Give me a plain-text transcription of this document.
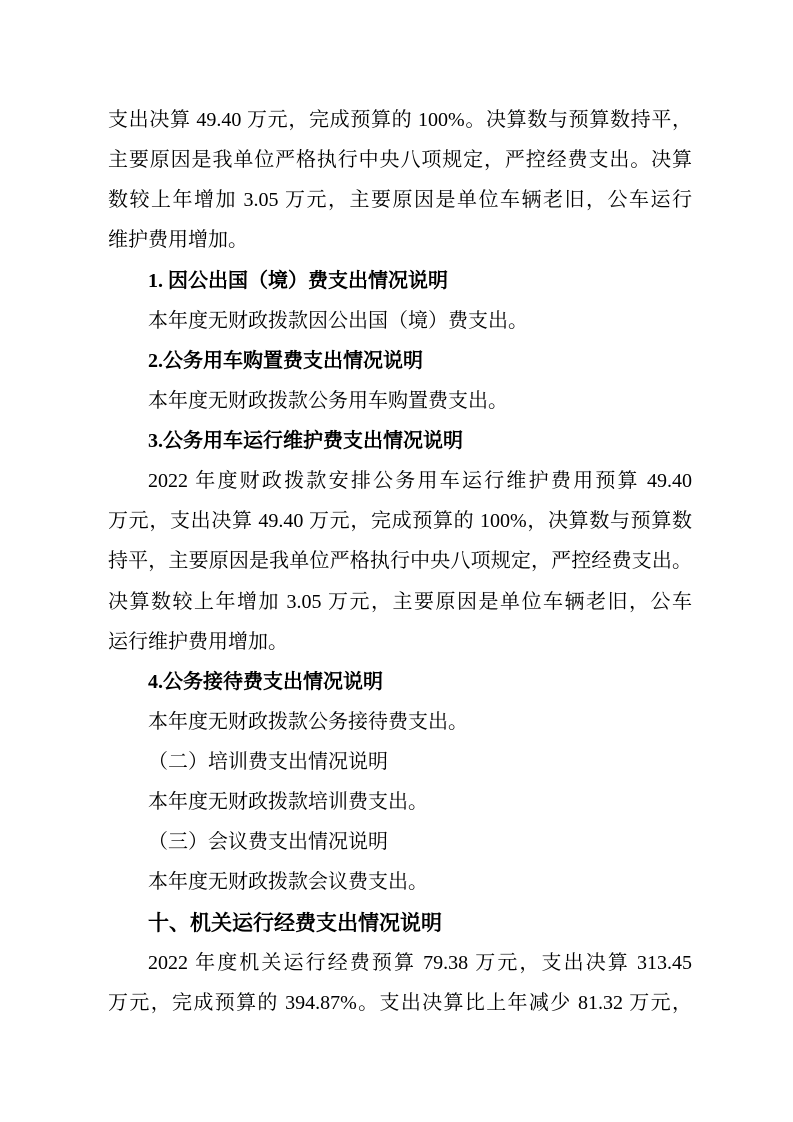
支出决算 49.40 万元，完成预算的 100%。决算数与预算数持平，
主要原因是我单位严格执行中央八项规定，严控经费支出。决算
数较上年增加 3.05 万元，主要原因是单位车辆老旧，公车运行
维护费用增加。
1. 因公出国（境）费支出情况说明
本年度无财政拨款因公出国（境）费支出。
2.公务用车购置费支出情况说明
本年度无财政拨款公务用车购置费支出。
3.公务用车运行维护费支出情况说明
2022 年度财政拨款安排公务用车运行维护费用预算 49.40
万元，支出决算 49.40 万元，完成预算的 100%，决算数与预算数
持平，主要原因是我单位严格执行中央八项规定，严控经费支出。
决算数较上年增加 3.05 万元，主要原因是单位车辆老旧，公车
运行维护费用增加。
4.公务接待费支出情况说明
本年度无财政拨款公务接待费支出。
（二）培训费支出情况说明
本年度无财政拨款培训费支出。
（三）会议费支出情况说明
本年度无财政拨款会议费支出。
十、机关运行经费支出情况说明
2022 年度机关运行经费预算 79.38 万元，支出决算 313.45
万元，完成预算的 394.87%。支出决算比上年减少 81.32 万元，
